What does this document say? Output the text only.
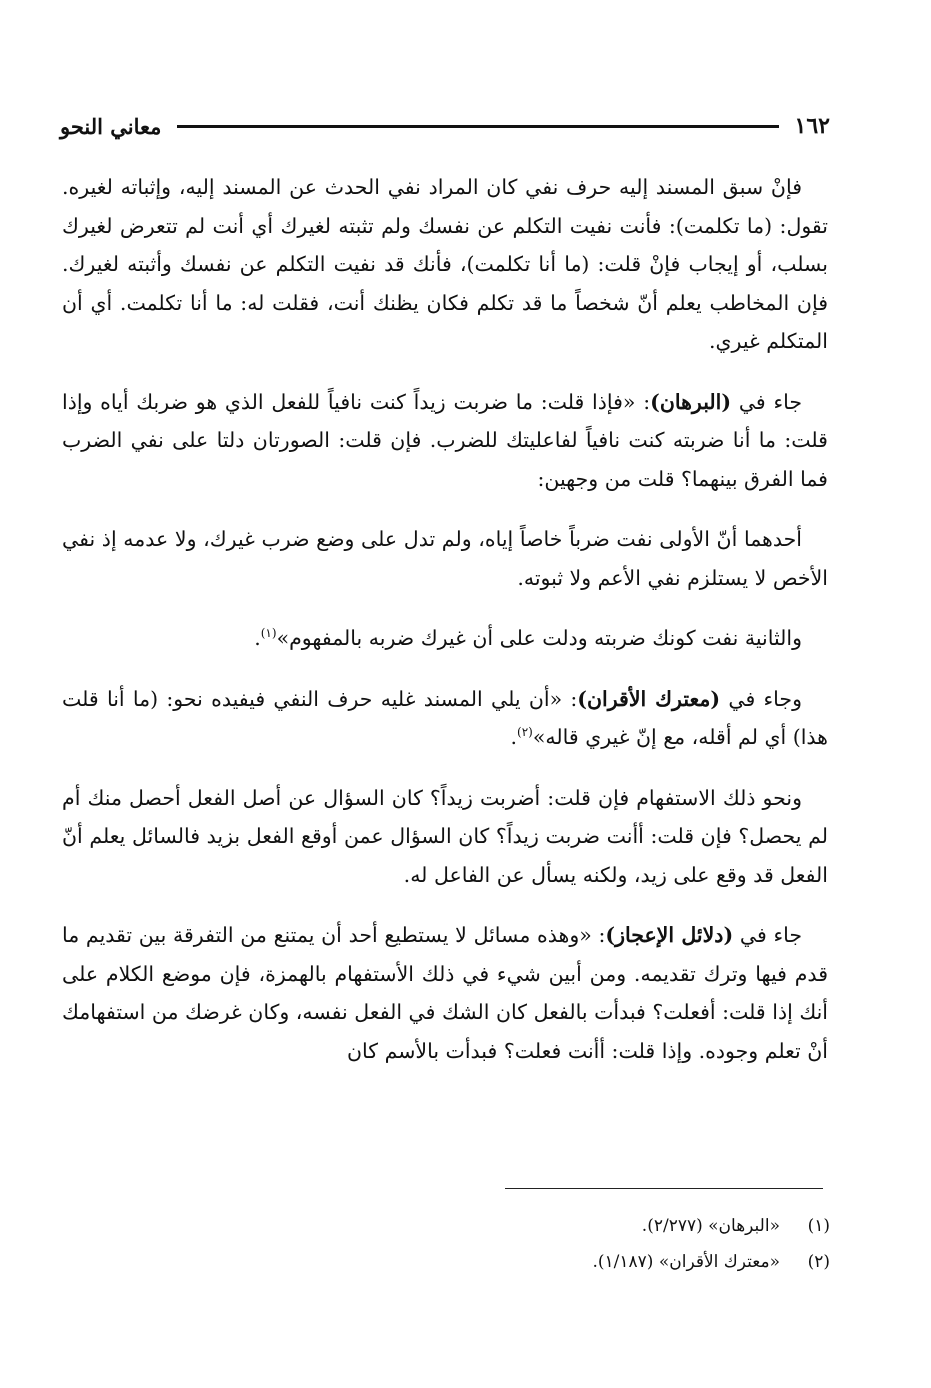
١٦٢
معاني النحو

فإنْ سبق المسند إليه حرف نفي كان المراد نفي الحدث عن المسند إليه، وإثباته لغيره. تقول: (ما تكلمت): فأنت نفيت التكلم عن نفسك ولم تثبته لغيرك أي أنت لم تتعرض لغيرك بسلب، أو إيجاب فإنْ قلت: (ما أنا تكلمت)، فأنك قد نفيت التكلم عن نفسك وأثبته لغيرك. فإن المخاطب يعلم أنّ شخصاً ما قد تكلم فكان يظنك أنت، فقلت له: ما أنا تكلمت. أي أن المتكلم غيري.

جاء في (البرهان): «فإذا قلت: ما ضربت زيداً كنت نافياً للفعل الذي هو ضربك أياه وإذا قلت: ما أنا ضربته كنت نافياً لفاعليتك للضرب. فإن قلت: الصورتان دلتا على نفي الضرب فما الفرق بينهما؟ قلت من وجهين:

أحدهما أنّ الأولى نفت ضرباً خاصاً إياه، ولم تدل على وضع ضرب غيرك، ولا عدمه إذ نفي الأخص لا يستلزم نفي الأعم ولا ثبوته.

والثانية نفت كونك ضربته ودلت على أن غيرك ضربه بالمفهوم»$^{(١)}$.

وجاء في (معترك الأقران): «أن يلي المسند غليه حرف النفي فيفيده نحو: (ما أنا قلت هذا) أي لم أقله، مع إنّ غيري قاله»$^{(٢)}$.

ونحو ذلك الاستفهام فإن قلت: أضربت زيداً؟ كان السؤال عن أصل الفعل أحصل منك أم لم يحصل؟ فإن قلت: أأنت ضربت زيداً؟ كان السؤال عمن أوقع الفعل بزيد فالسائل يعلم أنّ الفعل قد وقع على زيد، ولكنه يسأل عن الفاعل له.

جاء في (دلائل الإعجاز): «وهذه مسائل لا يستطيع أحد أن يمتنع من التفرقة بين تقديم ما قدم فيها وترك تقديمه. ومن أبين شيء في ذلك الأستفهام بالهمزة، فإن موضع الكلام على أنك إذا قلت: أفعلت؟ فبدأت بالفعل كان الشك في الفعل نفسه، وكان غرضك من استفهامك أنْ تعلم وجوده. وإذا قلت: أأنت فعلت؟ فبدأت بالأسم كان

(١)
«البرهان» (٢/٢٧٧).
(٢)
«معترك الأقران» (١/١٨٧).
